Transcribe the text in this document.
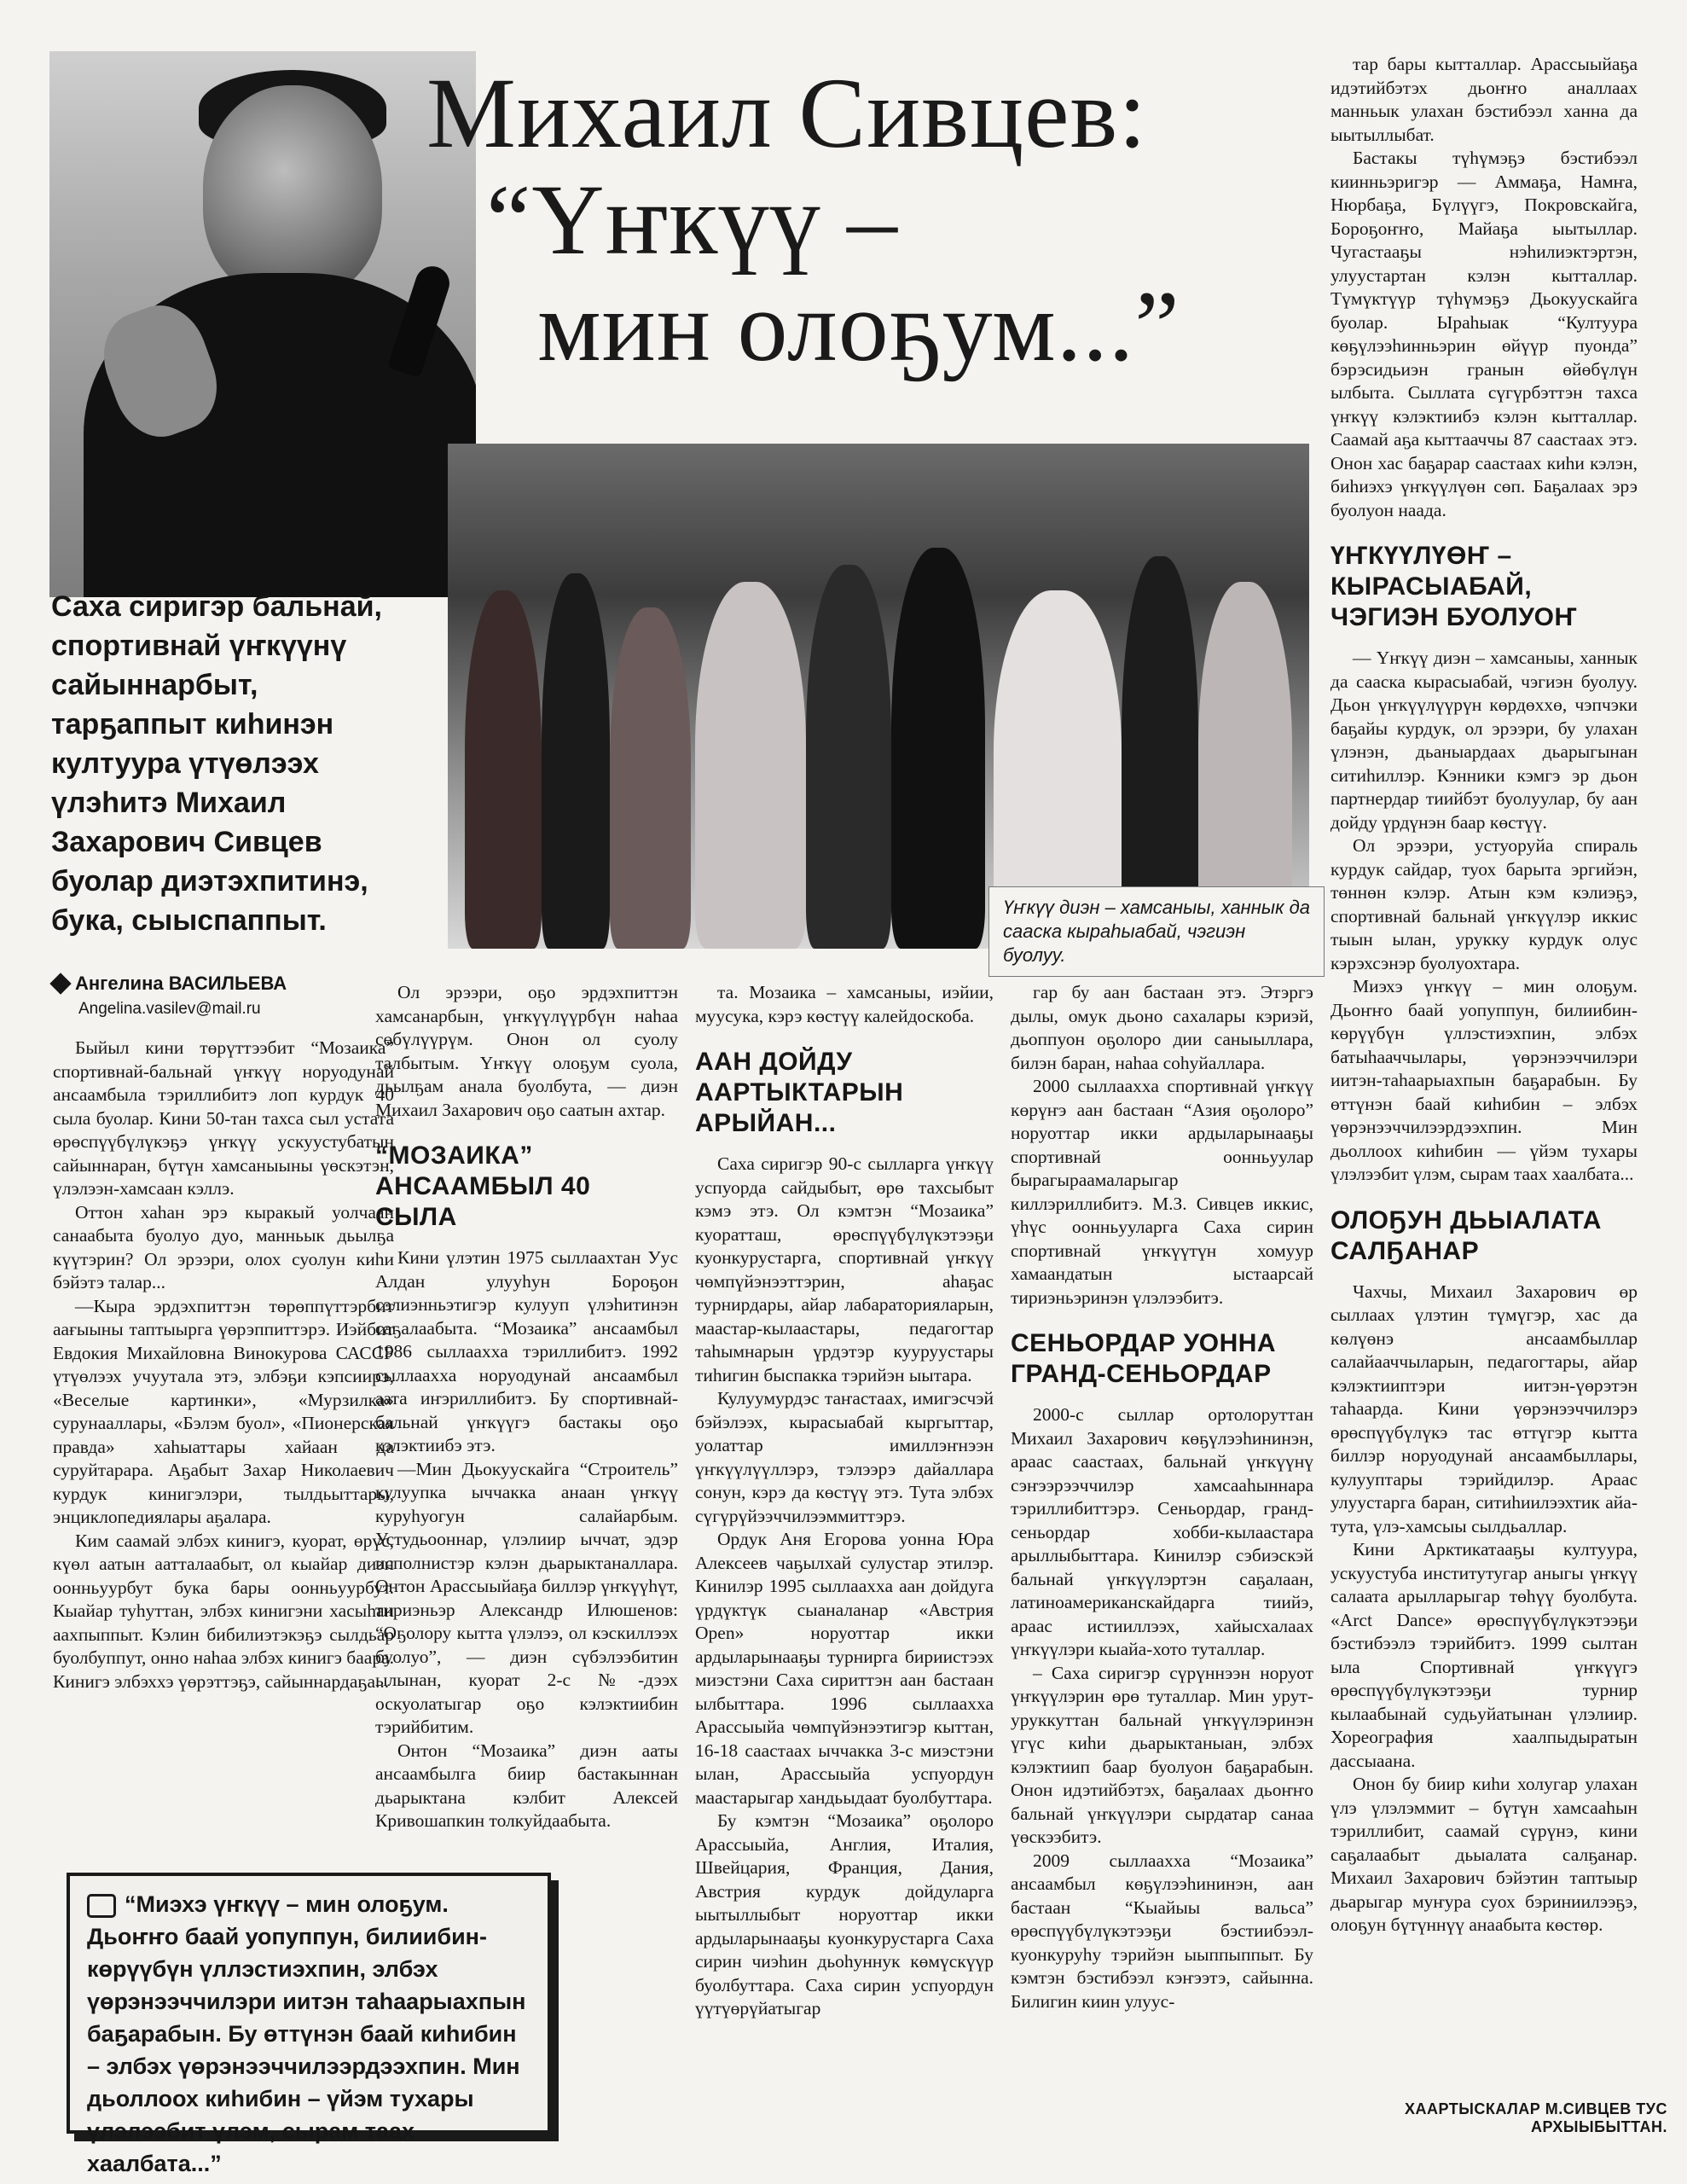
Михаил Сивцев:
“Үҥкүү –
мин олоҕум...”
Үҥкүү диэн – хамсаныы, ханнык да сааска кыраһыабай, чэгиэн буолуу.
Саха сиригэр бальнай, спортивнай үҥкүүнү сайыннарбыт, тарҕаппыт киһинэн култуура үтүөлээх үлэһитэ Михаил Захарович Сивцев буолар диэтэхпитинэ, бука, сыыспаппыт.
Ангелина ВАСИЛЬЕВА
Angelina.vasilev@mail.ru

Быйыл кини төрүттээбит “Мозаика” спортивнай-бальнай үҥкүү норуодунай ансаамбыла тэриллибитэ лоп курдук 40 сыла буолар. Кини 50-тан тахса сыл устата өрөспүүбүлүкэҕэ үҥкүү ускуустубатын сайыннаран, бүтүн хамсаныыны үөскэтэн, үлэлээн-хамсаан кэллэ.

Оттон хаһан эрэ кыракый уолчаан санаабыта буолуо дуо, манньык дьылҕа күүтэрин? Ол эрээри, олох суолун киһи бэйэтэ талар...

—Кыра эрдэхпиттэн төрөппүттэрбит аағыыны таптыырга үөрэппиттэрэ. Иэйбит Евдокия Михайловна Винокурова САССР үтүөлээх учуутала этэ, элбэҕи кэпсиирэ, «Веселые картинки», «Мурзилка» сурунааллары, «Бэлэм буол», «Пионерская правда» хаһыаттары хайаан да суруйтарара. Аҕабыт Захар Николаевич курдук кинигэлэри, тылдьыттары, энциклопедиялары аҕалара.

Ким саамай элбэх кинигэ, куорат, өрүс, күөл аатын аатталаабыт, ол кыайар диэн оонньуурбут бука бары оонньуурбут. Кыайар туһуттан, элбэх кинигэни хасыһан аахпыппыт. Кэлин бибилиэтэкэҕэ сылдьар буолбуппут, онно наһаа элбэх кинигэ баара. Кинигэ элбэххэ үөрэттэҕэ, сайыннардаҕа...

Ол эрээри, оҕо эрдэхпиттэн хамсанарбын, үҥкүүлүүрбүн наһаа сөбүлүүрүм. Онон ол суолу талбытым. Үҥкүү олоҕум суола, дьылҕам анала буолбута, — диэн Михаил Захарович оҕо саатын ахтар.

“МОЗАИКА” АНСААМБЫЛ 40 СЫЛА

Кини үлэтин 1975 сыллаахтан Уус Алдан улууһун Бороҕон сэлиэнньэтигэр кулууп үлэһитинэн саҕалаабыта. “Мозаика” ансаамбыл 1986 сыллаахха тэриллибитэ. 1992 сыллаахха норуодунай ансаамбыл аата иҥэриллибитэ. Бу спортивнай-бальнай үҥкүүгэ бастакы оҕо кэлэктиибэ этэ.

—Мин Дьокуускайга “Строитель” кулуупка ыччакка анаан үҥкүү куруһуогун салайарбым. Устудьооннар, үлэлиир ыччат, эдэр исполнистэр кэлэн дьарыктаналлара. Онтон Арассыыйаҕа биллэр үҥкүүһүт, тириэньэр Александр Илюшенов: “Оҕолору кытта үлэлээ, ол кэскиллээх буолуо”, — диэн сүбэлээбитин ылынан, куорат 2-с №-дээх оскуолатыгар оҕо кэлэктиибин тэрийбитим.

Онтон “Мозаика” диэн ааты ансаамбылга биир бастакыннан дьарыктана кэлбит Алексей Кривошапкин толкуйдаабыта.

та. Мозаика – хамсаныы, иэйии, муусука, кэрэ көстүү калейдоскоба.

ААН ДОЙДУ ААРТЫКТАРЫН АРЫЙАН...

Саха сиригэр 90-с сылларга үҥкүү успуорда сайдыбыт, өрө тахсыбыт кэмэ этэ. Ол кэмтэн “Мозаика” куоратташ, өрөспүүбүлүкэтээҕи куонкурустарга, спортивнай үҥкүү чөмпүйэнээттэрин, аһаҕас турнирдары, айар лабараторияларын, маастар-кылаастары, педагогтар таһымнарын үрдэтэр кууруустары тиһигин быспакка тэрийэн ыытара.

Кулуумурдэс таҥастаах, имигэсчэй бэйэлээх, кырасыабай кыргыттар, уолаттар имиллэҥнээн үҥкүүлүүллэрэ, тэлээрэ дайаллара сонун, кэрэ да көстүү этэ. Тута элбэх сүгүрүйээччилээммиттэрэ.

Ордук Аня Егорова уонна Юра Алексеев чаҕылхай сулустар этилэр. Кинилэр 1995 сыллаахха аан дойдуга үрдүктүк сыаналанар «Австрия Open» норуоттар икки ардыларынааҕы турнирга бириистээх миэстэни Саха сириттэн аан бастаан ылбыттара. 1996 сыллаахха Арассыыйа чөмпүйэнээтигэр кыттан, 16-18 саастаах ыччакка 3-с миэстэни ылан, Арассыыйа успуордун маастарыгар хандьыдаат буолбуттара.

Бу кэмтэн “Мозаика” оҕолоро Арассыыйа, Англия, Италия, Швейцария, Франция, Дания, Австрия курдук дойдуларга ыытыллыбыт норуоттар икки ардыларынааҕы куонкурустарга Саха сирин чиэһин дьоһуннук көмүскүүр буолбуттара. Саха сирин успуордун үүтүөрүйатыгар

гар бу аан бастаан этэ. Этэргэ дылы, омук дьоно сахалары кэриэй, дьоппуон оҕолоро дии саныыллара, билэн баран, наһаа соһуйаллара.

2000 сыллаахха спортивнай үҥкүү көрүҥэ аан бастаан “Азия оҕолоро” норуоттар икки ардыларынааҕы спортивнай оонньуулар бырагыраамаларыгар киллэриллибитэ. М.З. Сивцев иккис, үһүс оонньууларга Саха сирин спортивнай үҥкүүтүн хомуур хамаандатын ыстаарсай тириэньэринэн үлэлээбитэ.

СЕНЬОРДАР УОННА ГРАНД-СЕНЬОРДАР

2000-с сыллар ортолоруттан Михаил Захарович көҕүлээһининэн, араас саастаах, бальнай үҥкүүнү сэҥээрээччилэр хамсааһыннара тэриллибиттэрэ. Сеньордар, гранд-сеньордар хобби-кылаастара арыллыбыттара. Кинилэр сэбиэскэй бальнай үҥкүүлэртэн саҕалаан, латиноамериканскайдарга тиийэ, араас истииллээх, хайысхалаах үҥкүүлэри кыайа-хото туталлар.

– Саха сиригэр сүрүннээн норуот үҥкүүлэрин өрө туталлар. Мин урут-уруккуттан бальнай үҥкүүлэринэн үгүс киһи дьарыктаныан, элбэх кэлэктиип баар буолуон баҕарабын. Онон идэтийбэтэх, баҕалаах дьоҥҥо бальнай үҥкүүлэри сырдатар санаа үөскээбитэ.

2009 сыллаахха “Мозаика” ансаамбыл көҕүлээһининэн, аан бастаан “Кыайыы вальса” өрөспүүбүлүкэтээҕи бэстиибээл-куонкуруһу тэрийэн ыыппыппыт. Бу кэмтэн бэстибээл кэҥээтэ, сайынна. Билигин киин улуус-

тар бары кытталлар. Арассыыйаҕа идэтийбэтэх дьоҥҥо аналлаах манньык улахан бэстибээл ханна да ыытыллыбат.

Бастакы түһүмэҕэ бэстибээл киинньэригэр — Аммаҕа, Намҥа, Нюрбаҕа, Бүлүүгэ, Покровскайга, Бороҕоҥҥо, Майаҕа ыытыллар. Чугастааҕы нэһилиэктэртэн, улуустартан кэлэн кытталлар. Түмүктүүр түһүмэҕэ Дьокуускайга буолар. Ыраһыак “Култуура көҕүлээһинньэрин өйүүр пуонда” бэрэсидьиэн гранын өйөбүлүн ылбыта. Сыллата сүгүрбэттэн тахса үҥкүү кэлэктиибэ кэлэн кытталлар. Саамай аҕа кыттааччы 87 саастаах этэ. Онон хас баҕарар саастаах киһи кэлэн, биһиэхэ үҥкүүлүөн сөп. Баҕалаах эрэ буолуон наада.

ҮҤКҮҮЛҮӨҤ – КЫРАСЫАБАЙ, ЧЭГИЭН БУОЛУОҤ

— Үҥкүү диэн – хамсаныы, ханнык да сааска кырасыабай, чэгиэн буолуу. Дьон үҥкүүлүүрүн көрдөххө, чэпчэки баҕайы курдук, ол эрээри, бу улахан үлэнэн, дьаныардаах дьарыгынан ситиһиллэр. Кэнники кэмгэ эр дьон партнердар тиийбэт буолуулар, бу аан дойду үрдүнэн баар көстүү.

Ол эрээри, устуоруйа спираль курдук сайдар, туох барыта эргийэн, төннөн кэлэр. Атын кэм кэлиэҕэ, спортивнай бальнай үҥкүүлэр иккис тыын ылан, урукку курдук олус кэрэхсэнэр буолуохтара.

Миэхэ үҥкүү – мин олоҕум. Дьоҥҥо баай уопуппун, билиибин-көрүүбүн үллэстиэхпин, элбэх батыһааччылары, үөрэнээччилэри иитэн-таһаарыахпын баҕарабын. Бу өттүнэн баай киһибин – элбэх үөрэнээччилээрдээхпин. Мин дьоллоох киһибин — үйэм тухары үлэлээбит үлэм, сырам таах хаалбата...

ОЛОҔУН ДЬЫАЛАТА САЛҔАНАР

Чахчы, Михаил Захарович өр сыллаах үлэтин түмүгэр, хас да көлүөнэ ансаамбыллар салайааччыларын, педагогтары, айар кэлэктииптэри иитэн-үөрэтэн таһаарда. Кини үөрэнээччилэрэ өрөспүүбүлүкэ тас өттүгэр кытта биллэр норуодунай ансаамбыллары, кулууптары тэрийдилэр. Араас улуустарга баран, ситиһиилээхтик айа-тута, үлэ-хамсыы сылдьаллар.

Кини Арктикатааҕы култуура, ускуустуба институтугар аныгы үҥкүү салаата арылларыгар төһүү буолбута. «Arct Dance» өрөспүүбүлүкэтээҕи бэстибээлэ тэрийбитэ. 1999 сылтан ыла Спортивнай үҥкүүгэ өрөспүүбүлүкэтээҕи турнир кылаабынай судьуйатынан үлэлиир. Хореография хаалпыдыратын дассыаана.

Онон бу биир киһи холугар улахан үлэ үлэлэммит – бүтүн хамсааһын тэриллибит, саамай сүрүнэ, кини саҕалаабыт дьыалата салҕанар. Михаил Захарович бэйэтин таптыыр дьарыгар муҥура суох бэриниилээҕэ, олоҕун бүтүннүү анаабыта көстөр.

“Миэхэ үҥкүү – мин олоҕум. Дьоҥҥо баай уопуппун, билиибин-көрүүбүн үллэстиэхпин, элбэх үөрэнээччилэри иитэн таһаарыахпын баҕарабын. Бу өттүнэн баай киһибин – элбэх үөрэнээччилээрдээхпин. Мин дьоллоох киһибин – үйэм тухары үлэлээбит үлэм, сырам таах хаалбата...”
ХААРТЫСКАЛАР М.СИВЦЕВ ТУС АРХЫЫБЫТТАН.
